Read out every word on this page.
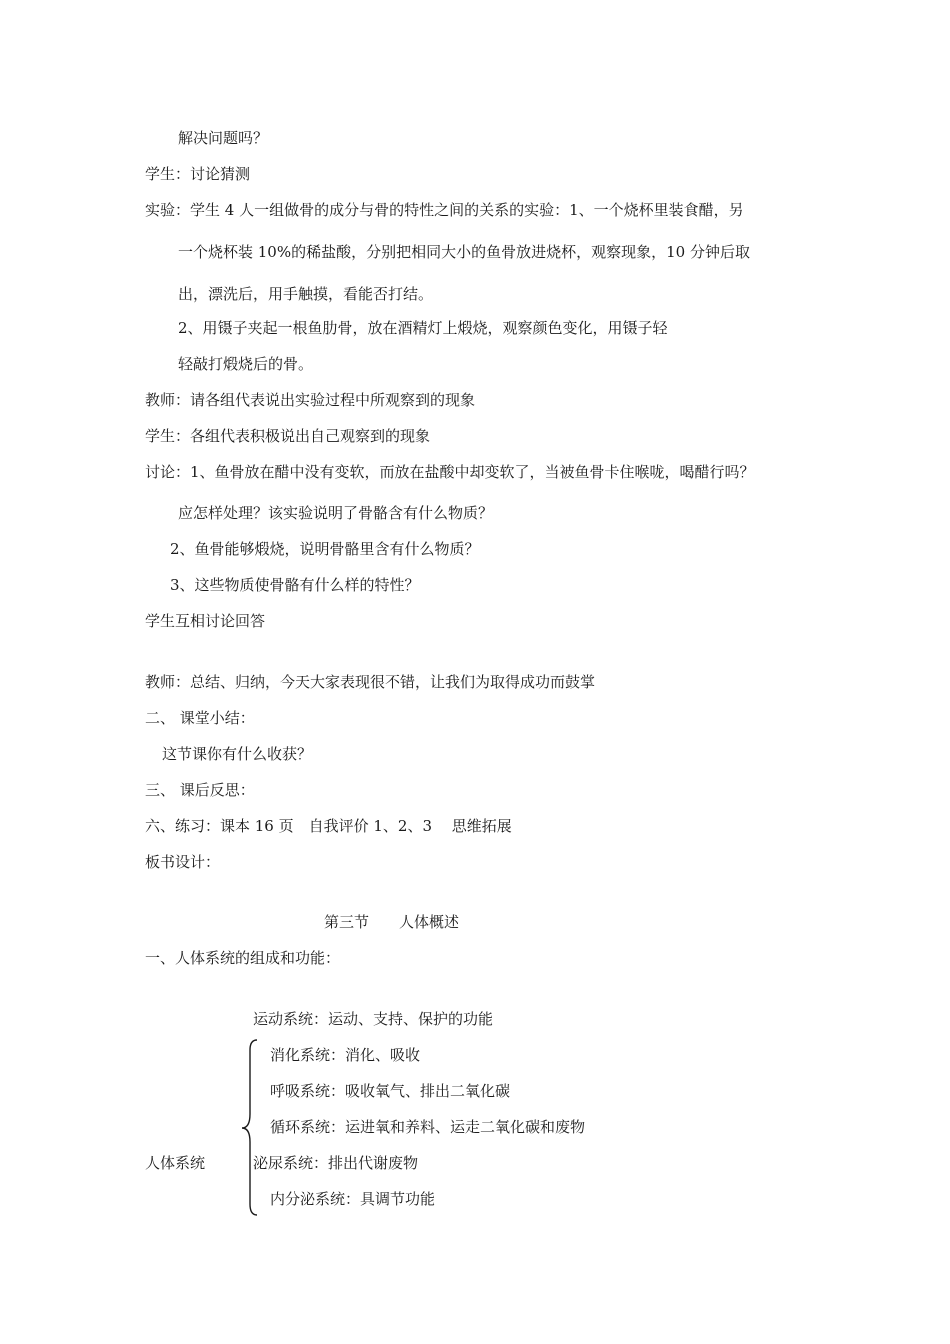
解决问题吗？
学生：讨论猜测
实验：学生 4 人一组做骨的成分与骨的特性之间的关系的实验：1、一个烧杯里装食醋，另
一个烧杯装 10%的稀盐酸，分别把相同大小的鱼骨放进烧杯，观察现象，10 分钟后取
出，漂洗后，用手触摸，看能否打结。
2、用镊子夹起一根鱼肋骨，放在酒精灯上煅烧，观察颜色变化，用镊子轻
轻敲打煅烧后的骨。
教师：请各组代表说出实验过程中所观察到的现象
学生：各组代表积极说出自己观察到的现象
讨论：1、鱼骨放在醋中没有变软，而放在盐酸中却变软了，当被鱼骨卡住喉咙，喝醋行吗？
应怎样处理？该实验说明了骨骼含有什么物质？
2、鱼骨能够煅烧，说明骨骼里含有什么物质？
3、这些物质使骨骼有什么样的特性？
学生互相讨论回答
教师：总结、归纳，今天大家表现很不错，让我们为取得成功而鼓掌
二、 课堂小结：
这节课你有什么收获？
三、 课后反思：
六、练习：课本 16 页　自我评价 1、2、3　 思维拓展
板书设计：
第三节　　人体概述
一、人体系统的组成和功能：
运动系统：运动、支持、保护的功能
消化系统：消化、吸收
呼吸系统：吸收氧气、排出二氧化碳
循环系统：运进氧和养料、运走二氧化碳和废物
人体系统	泌尿系统：排出代谢废物
内分泌系统：具调节功能
